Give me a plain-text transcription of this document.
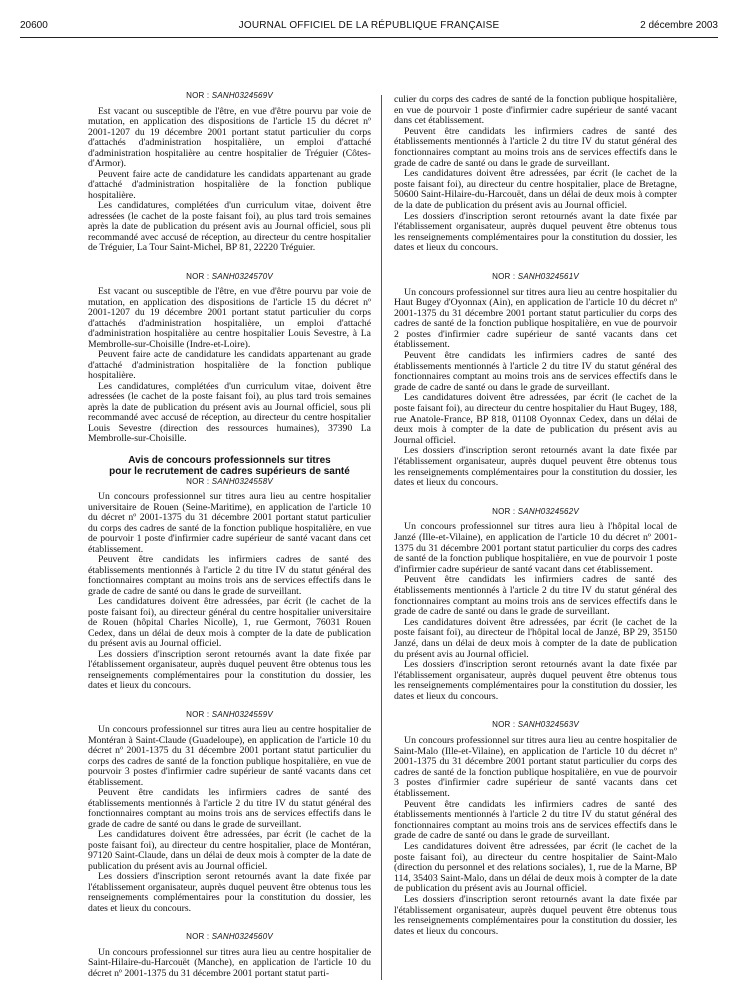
20600	JOURNAL OFFICIEL DE LA RÉPUBLIQUE FRANÇAISE	2 décembre 2003
NOR : SANH0324569V

Est vacant ou susceptible de l'être, en vue d'être pourvu par voie de mutation, en application des dispositions de l'article 15 du décret nº 2001-1207 du 19 décembre 2001 portant statut particulier du corps d'attachés d'administration hospitalière, un emploi d'attaché d'administration hospitalière au centre hospitalier de Tréguier (Côtes-d'Armor).

Peuvent faire acte de candidature les candidats appartenant au grade d'attaché d'administration hospitalière de la fonction publique hospitalière.

Les candidatures, complétées d'un curriculum vitae, doivent être adressées (le cachet de la poste faisant foi), au plus tard trois semaines après la date de publication du présent avis au Journal officiel, sous pli recommandé avec accusé de réception, au directeur du centre hospitalier de Tréguier, La Tour Saint-Michel, BP 81, 22220 Tréguier.

NOR : SANH0324570V

Est vacant ou susceptible de l'être, en vue d'être pourvu par voie de mutation, en application des dispositions de l'article 15 du décret nº 2001-1207 du 19 décembre 2001 portant statut particulier du corps d'attachés d'administration hospitalière, un emploi d'attaché d'administration hospitalière au centre hospitalier Louis Sevestre, à La Membrolle-sur-Choisille (Indre-et-Loire).

Peuvent faire acte de candidature les candidats appartenant au grade d'attaché d'administration hospitalière de la fonction publique hospitalière.

Les candidatures, complétées d'un curriculum vitae, doivent être adressées (le cachet de la poste faisant foi), au plus tard trois semaines après la date de publication du présent avis au Journal officiel, sous pli recommandé avec accusé de réception, au directeur du centre hospitalier Louis Sevestre (direction des ressources humaines), 37390 La Membrolle-sur-Choisille.

Avis de concours professionnels sur titres

pour le recrutement de cadres supérieurs de santé

NOR : SANH0324558V

Un concours professionnel sur titres aura lieu au centre hospitalier universitaire de Rouen (Seine-Maritime), en application de l'article 10 du décret nº 2001-1375 du 31 décembre 2001 portant statut particulier du corps des cadres de santé de la fonction publique hospitalière, en vue de pourvoir 1 poste d'infirmier cadre supérieur de santé vacant dans cet établissement.

Peuvent être candidats les infirmiers cadres de santé des établissements mentionnés à l'article 2 du titre IV du statut général des fonctionnaires comptant au moins trois ans de services effectifs dans le grade de cadre de santé ou dans le grade de surveillant.

Les candidatures doivent être adressées, par écrit (le cachet de la poste faisant foi), au directeur général du centre hospitalier universitaire de Rouen (hôpital Charles Nicolle), 1, rue Germont, 76031 Rouen Cedex, dans un délai de deux mois à compter de la date de publication du présent avis au Journal officiel.

Les dossiers d'inscription seront retournés avant la date fixée par l'établissement organisateur, auprès duquel peuvent être obtenus tous les renseignements complémentaires pour la constitution du dossier, les dates et lieux du concours.

NOR : SANH0324559V

Un concours professionnel sur titres aura lieu au centre hospitalier de Montéran à Saint-Claude (Guadeloupe), en application de l'article 10 du décret nº 2001-1375 du 31 décembre 2001 portant statut particulier du corps des cadres de santé de la fonction publique hospitalière, en vue de pourvoir 3 postes d'infirmier cadre supérieur de santé vacants dans cet établissement.

Peuvent être candidats les infirmiers cadres de santé des établissements mentionnés à l'article 2 du titre IV du statut général des fonctionnaires comptant au moins trois ans de services effectifs dans le grade de cadre de santé ou dans le grade de surveillant.

Les candidatures doivent être adressées, par écrit (le cachet de la poste faisant foi), au directeur du centre hospitalier, place de Montéran, 97120 Saint-Claude, dans un délai de deux mois à compter de la date de publication du présent avis au Journal officiel.

Les dossiers d'inscription seront retournés avant la date fixée par l'établissement organisateur, auprès duquel peuvent être obtenus tous les renseignements complémentaires pour la constitution du dossier, les dates et lieux du concours.

NOR : SANH0324560V

Un concours professionnel sur titres aura lieu au centre hospitalier de Saint-Hilaire-du-Harcouët (Manche), en application de l'article 10 du décret nº 2001-1375 du 31 décembre 2001 portant statut parti-

culier du corps des cadres de santé de la fonction publique hospitalière, en vue de pourvoir 1 poste d'infirmier cadre supérieur de santé vacant dans cet établissement.

Peuvent être candidats les infirmiers cadres de santé des établissements mentionnés à l'article 2 du titre IV du statut général des fonctionnaires comptant au moins trois ans de services effectifs dans le grade de cadre de santé ou dans le grade de surveillant.

Les candidatures doivent être adressées, par écrit (le cachet de la poste faisant foi), au directeur du centre hospitalier, place de Bretagne, 50600 Saint-Hilaire-du-Harcouët, dans un délai de deux mois à compter de la date de publication du présent avis au Journal officiel.

Les dossiers d'inscription seront retournés avant la date fixée par l'établissement organisateur, auprès duquel peuvent être obtenus tous les renseignements complémentaires pour la constitution du dossier, les dates et lieux du concours.

NOR : SANH0324561V

Un concours professionnel sur titres aura lieu au centre hospitalier du Haut Bugey d'Oyonnax (Ain), en application de l'article 10 du décret nº 2001-1375 du 31 décembre 2001 portant statut particulier du corps des cadres de santé de la fonction publique hospitalière, en vue de pourvoir 2 postes d'infirmier cadre supérieur de santé vacants dans cet établissement.

Peuvent être candidats les infirmiers cadres de santé des établissements mentionnés à l'article 2 du titre IV du statut général des fonctionnaires comptant au moins trois ans de services effectifs dans le grade de cadre de santé ou dans le grade de surveillant.

Les candidatures doivent être adressées, par écrit (le cachet de la poste faisant foi), au directeur du centre hospitalier du Haut Bugey, 188, rue Anatole-France, BP 818, 01108 Oyonnax Cedex, dans un délai de deux mois à compter de la date de publication du présent avis au Journal officiel.

Les dossiers d'inscription seront retournés avant la date fixée par l'établissement organisateur, auprès duquel peuvent être obtenus tous les renseignements complémentaires pour la constitution du dossier, les dates et lieux du concours.

NOR : SANH0324562V

Un concours professionnel sur titres aura lieu à l'hôpital local de Janzé (Ille-et-Vilaine), en application de l'article 10 du décret nº 2001-1375 du 31 décembre 2001 portant statut particulier du corps des cadres de santé de la fonction publique hospitalière, en vue de pourvoir 1 poste d'infirmier cadre supérieur de santé vacant dans cet établissement.

Peuvent être candidats les infirmiers cadres de santé des établissements mentionnés à l'article 2 du titre IV du statut général des fonctionnaires comptant au moins trois ans de services effectifs dans le grade de cadre de santé ou dans le grade de surveillant.

Les candidatures doivent être adressées, par écrit (le cachet de la poste faisant foi), au directeur de l'hôpital local de Janzé, BP 29, 35150 Janzé, dans un délai de deux mois à compter de la date de publication du présent avis au Journal officiel.

Les dossiers d'inscription seront retournés avant la date fixée par l'établissement organisateur, auprès duquel peuvent être obtenus tous les renseignements complémentaires pour la constitution du dossier, les dates et lieux du concours.

NOR : SANH0324563V

Un concours professionnel sur titres aura lieu au centre hospitalier de Saint-Malo (Ille-et-Vilaine), en application de l'article 10 du décret nº 2001-1375 du 31 décembre 2001 portant statut particulier du corps des cadres de santé de la fonction publique hospitalière, en vue de pourvoir 3 postes d'infirmier cadre supérieur de santé vacants dans cet établissement.

Peuvent être candidats les infirmiers cadres de santé des établissements mentionnés à l'article 2 du titre IV du statut général des fonctionnaires comptant au moins trois ans de services effectifs dans le grade de cadre de santé ou dans le grade de surveillant.

Les candidatures doivent être adressées, par écrit (le cachet de la poste faisant foi), au directeur du centre hospitalier de Saint-Malo (direction du personnel et des relations sociales), 1, rue de la Marne, BP 114, 35403 Saint-Malo, dans un délai de deux mois à compter de la date de publication du présent avis au Journal officiel.

Les dossiers d'inscription seront retournés avant la date fixée par l'établissement organisateur, auprès duquel peuvent être obtenus tous les renseignements complémentaires pour la constitution du dossier, les dates et lieux du concours.
